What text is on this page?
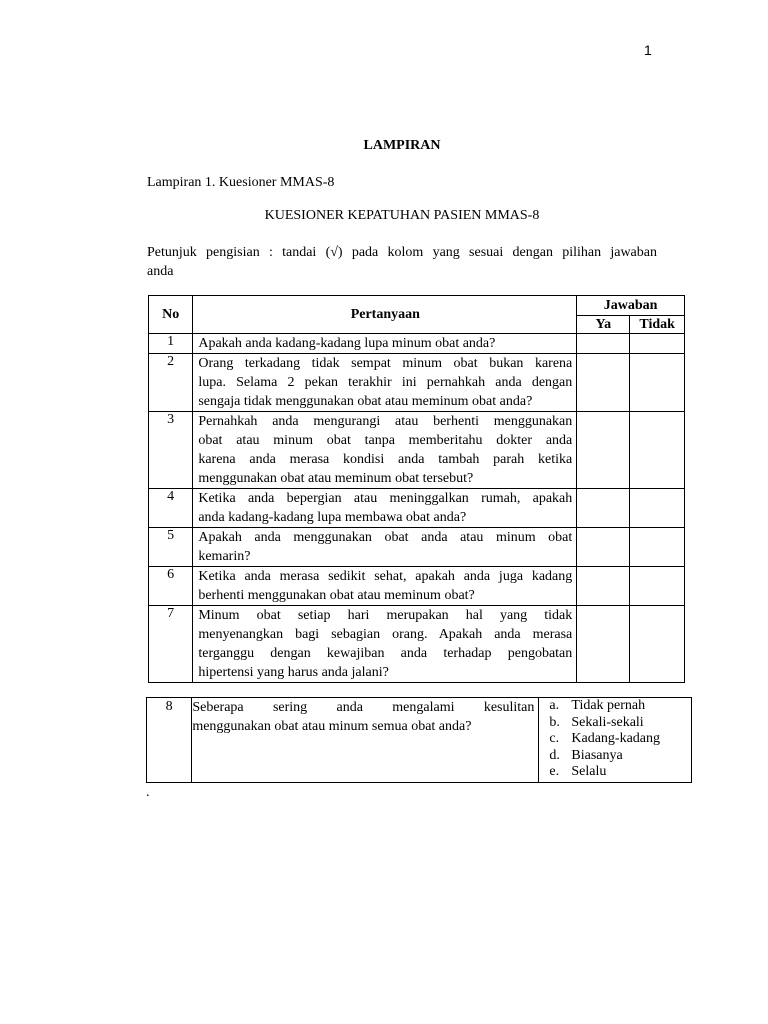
1
LAMPIRAN
Lampiran 1. Kuesioner MMAS-8
KUESIONER KEPATUHAN PASIEN MMAS-8
Petunjuk pengisian : tandai (√) pada kolom yang sesuai dengan pilihan jawaban
anda
No	Pertanyaan	Jawaban	
		Ya	Tidak
1	Apakah anda kadang-kadang lupa minum obat anda?		

2	Orang terkadang tidak sempat minum obat bukan karena
lupa. Selama 2 pekan terakhir ini pernahkah anda dengan
sengaja tidak menggunakan obat atau meminum obat anda?		

3	Pernahkah anda mengurangi atau berhenti menggunakan
obat atau minum obat tanpa memberitahu dokter anda
karena anda merasa kondisi anda tambah parah ketika
menggunakan obat atau meminum obat tersebut?		

4	Ketika anda bepergian atau meninggalkan rumah, apakah
anda kadang-kadang lupa membawa obat anda?		

5	Apakah anda menggunakan obat anda atau minum obat
kemarin?		

6	Ketika anda merasa sedikit sehat, apakah anda juga kadang
berhenti menggunakan obat atau meminum obat?		

7	Minum obat setiap hari merupakan hal yang tidak
menyenangkan bagi sebagian orang. Apakah anda merasa
terganggu dengan kewajiban anda terhadap pengobatan
hipertensi yang harus anda jalani?		

8	Seberapa sering anda mengalami kesulitan
menggunakan obat atau minum semua obat anda?

a. Tidak pernah
b. Sekali-sekali
c. Kadang-kadang
d. Biasanya
e. Selalu
.
